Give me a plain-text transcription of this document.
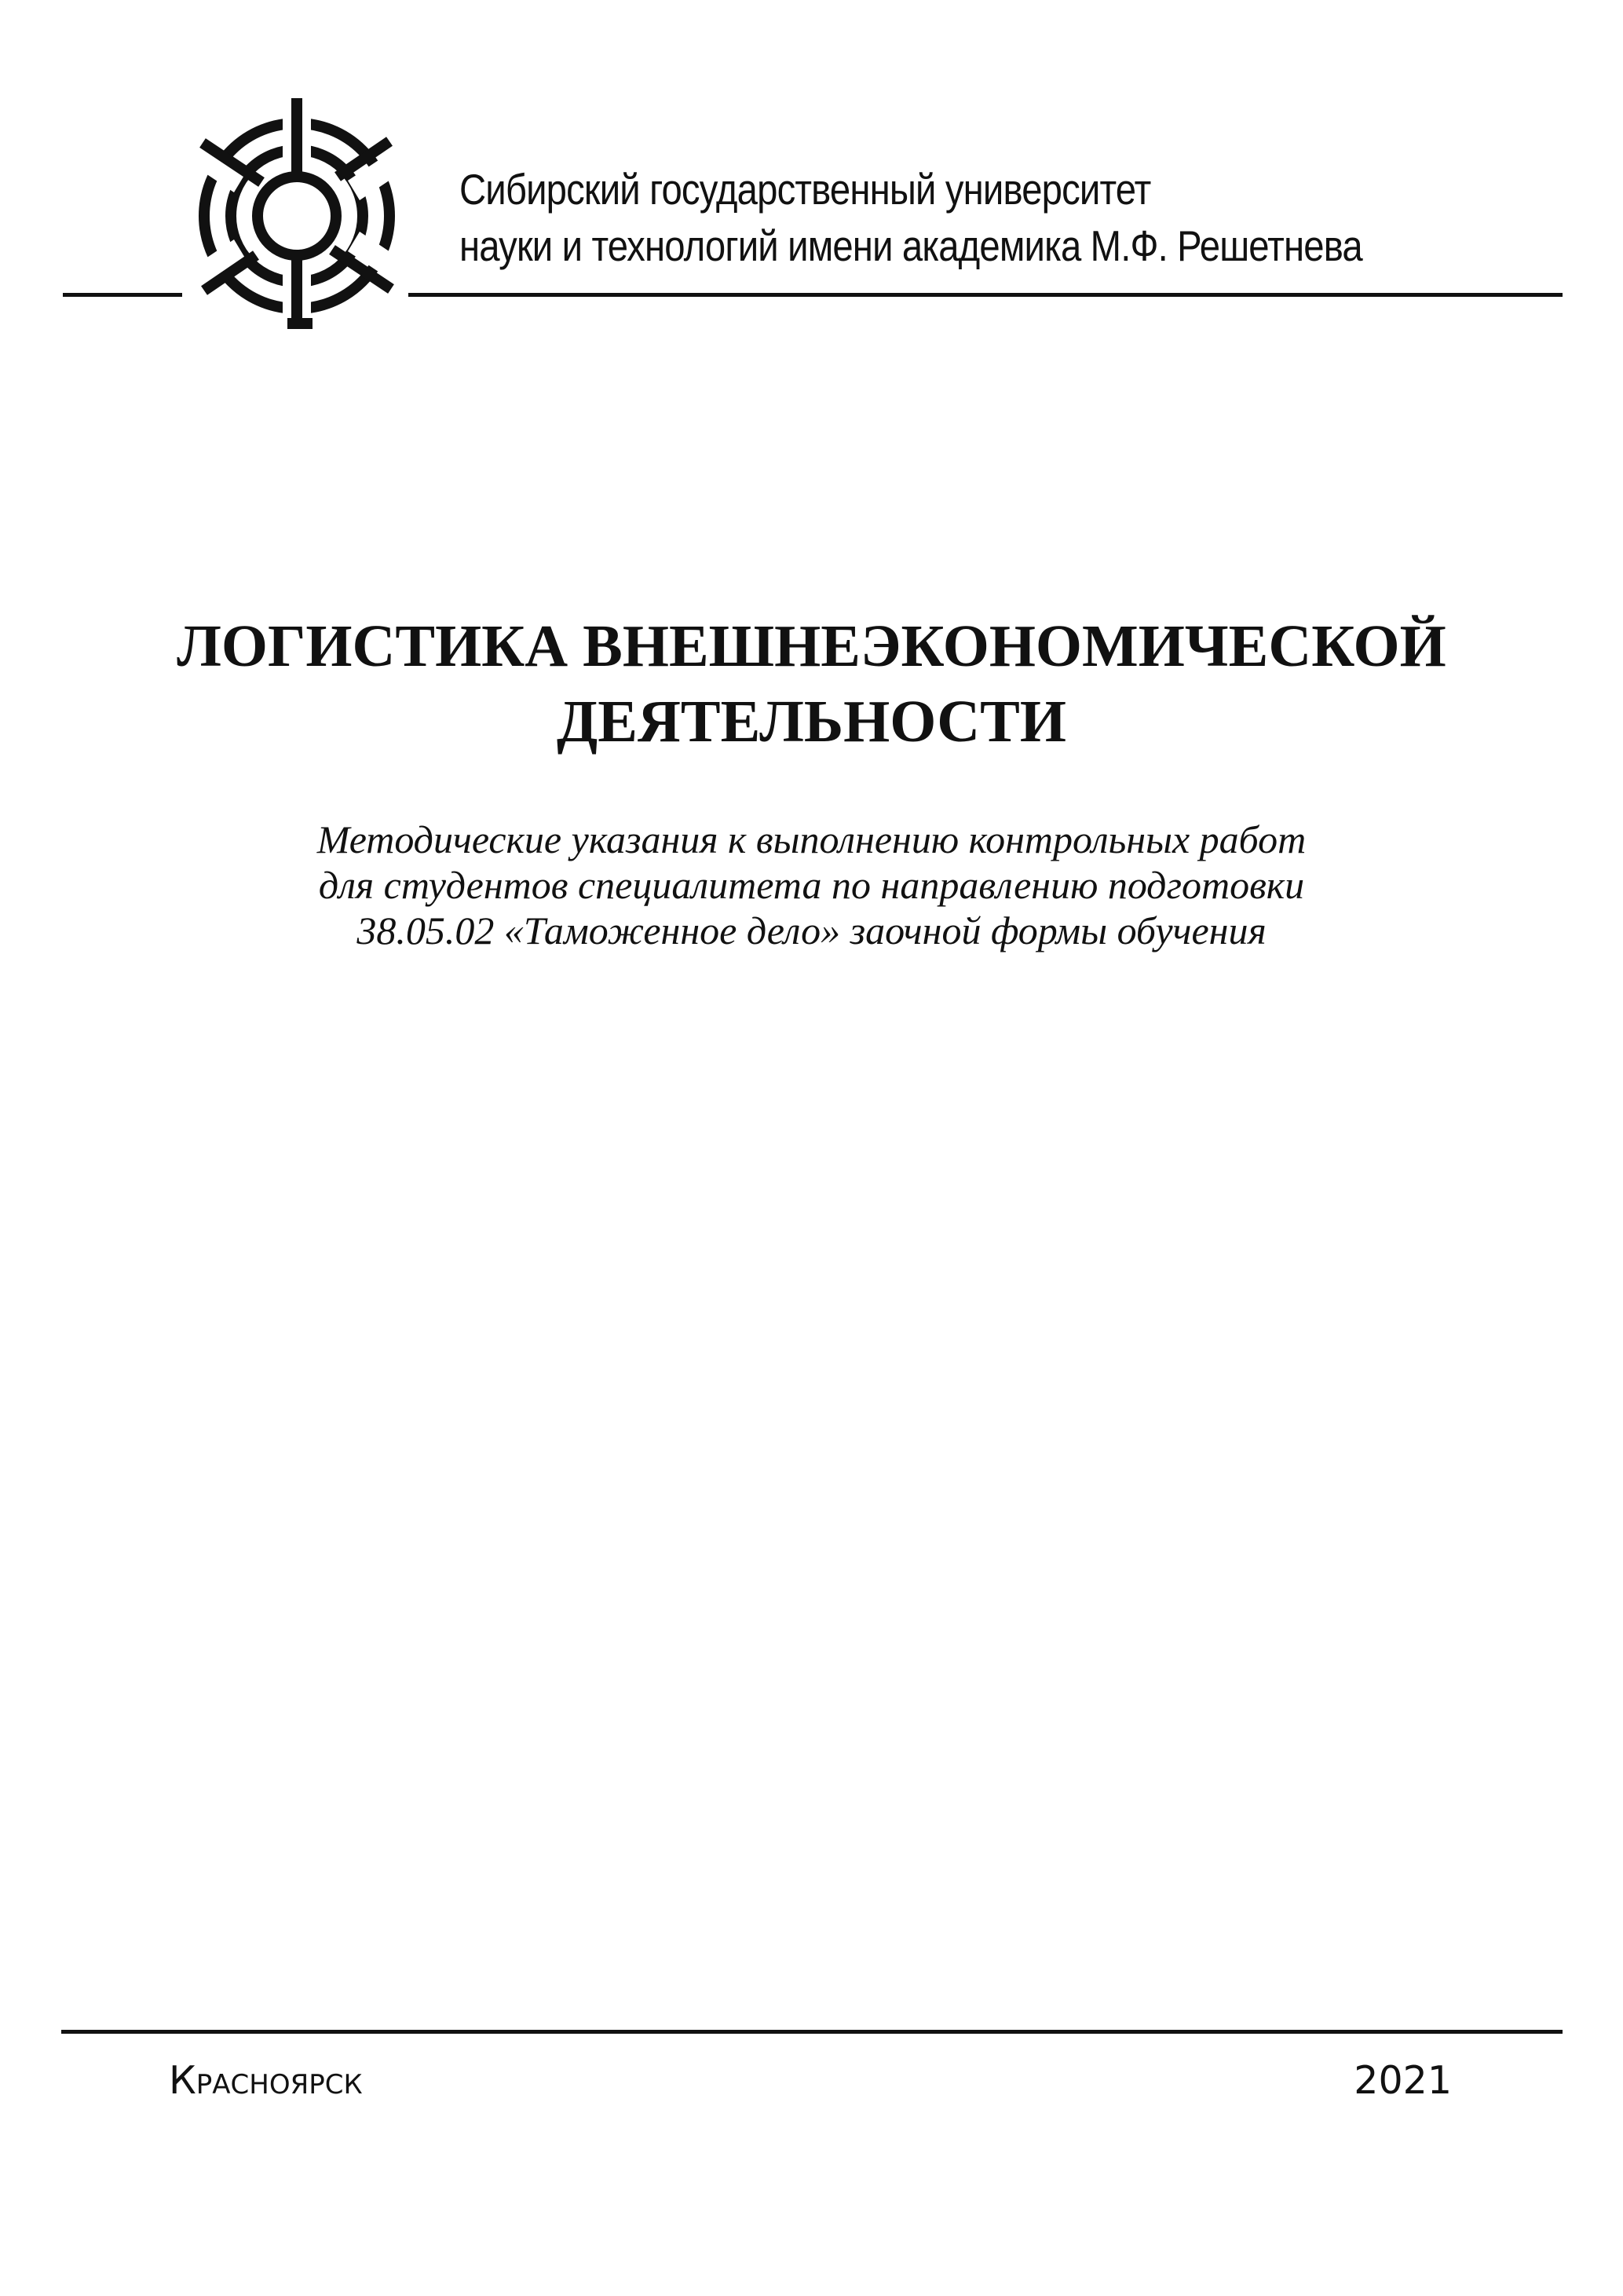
Сибирский государственный университет
науки и технологий имени академика М.Ф. Решетнева
ЛОГИСТИКА ВНЕШНЕЭКОНОМИЧЕСКОЙ
ДЕЯТЕЛЬНОСТИ
Методические указания к выполнению контрольных работ
для студентов специалитета по направлению подготовки
38.05.02 «Таможенное дело» заочной формы обучения
Красноярск	2021
